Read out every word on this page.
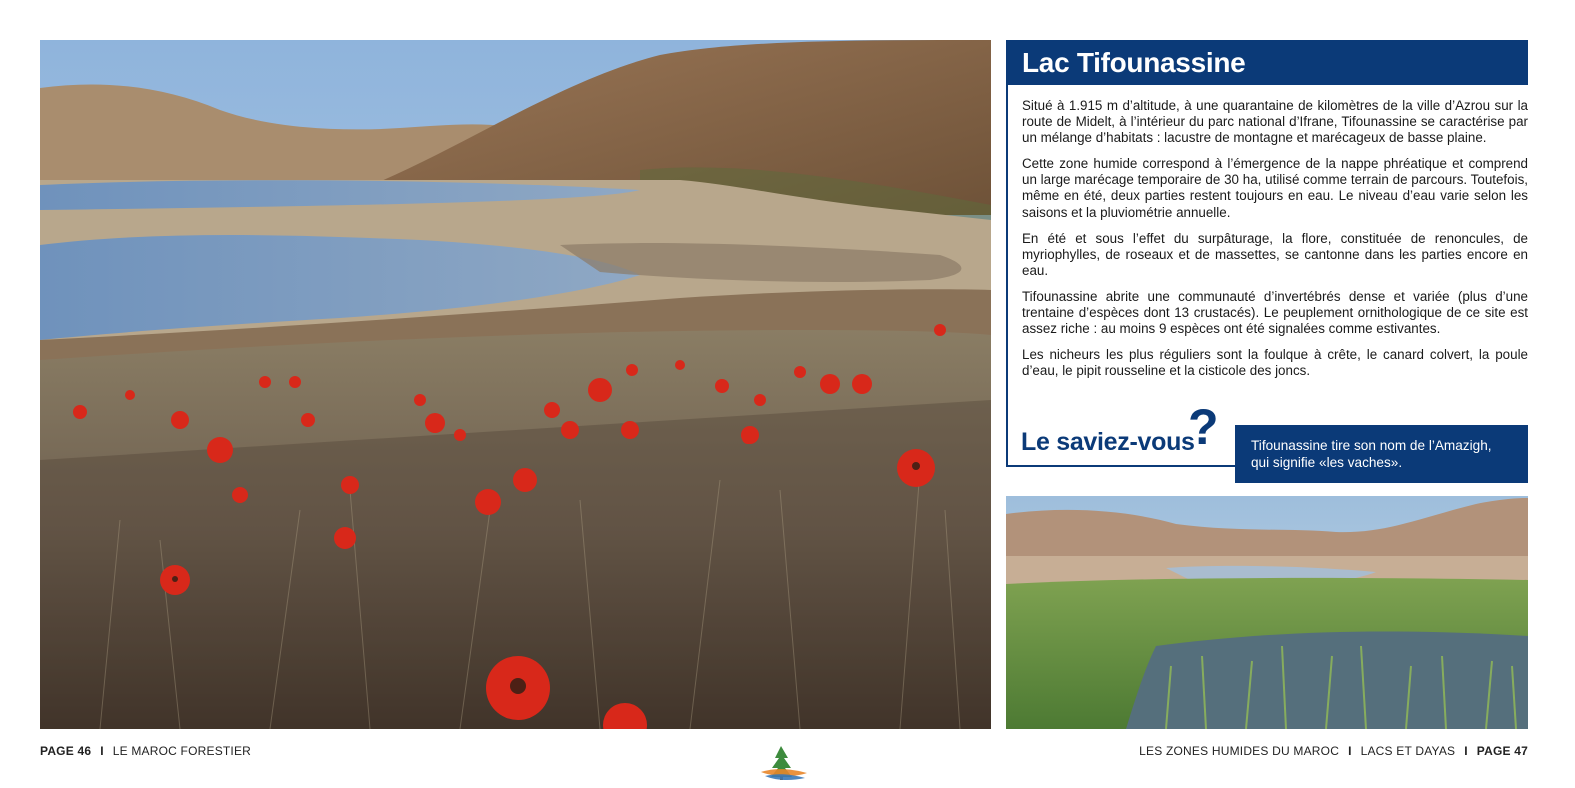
Lac Tifounassine

Situé à 1.915 m d’altitude, à une quarantaine de kilomètres de la ville d’Azrou sur la route de Midelt, à l’intérieur du parc national d’Ifrane, Tifounassine se caractérise par un mélange d’habitats : lacustre de montagne et marécageux de basse plaine.

Cette zone humide correspond à l’émergence de la nappe phréatique et comprend un large marécage temporaire de 30 ha, utilisé comme terrain de parcours. Toutefois, même en été, deux parties restent toujours en eau. Le niveau d’eau varie selon les saisons et la pluviométrie annuelle.

En été et sous l’effet du surpâturage, la flore, constituée de renoncules, de myriophylles, de roseaux et de massettes, se cantonne dans les parties encore en eau.

Tifounassine abrite une communauté d’invertébrés dense et variée (plus d’une trentaine d’espèces dont 13 crustacés). Le peuplement ornithologique de ce site est assez riche : au moins 9 espèces ont été signalées comme estivantes.

Les nicheurs les plus réguliers sont la foulque à crête, le canard colvert, la poule d’eau, le pipit rousseline et la cisticole des joncs.

Le saviez-vous
?	Tifounassine tire son nom de l’Amazigh, qui signifie «les vaches».
PAGE 46 I LE MAROC FORESTIER	LES ZONES HUMIDES DU MAROC I LACS ET DAYAS I PAGE 47
